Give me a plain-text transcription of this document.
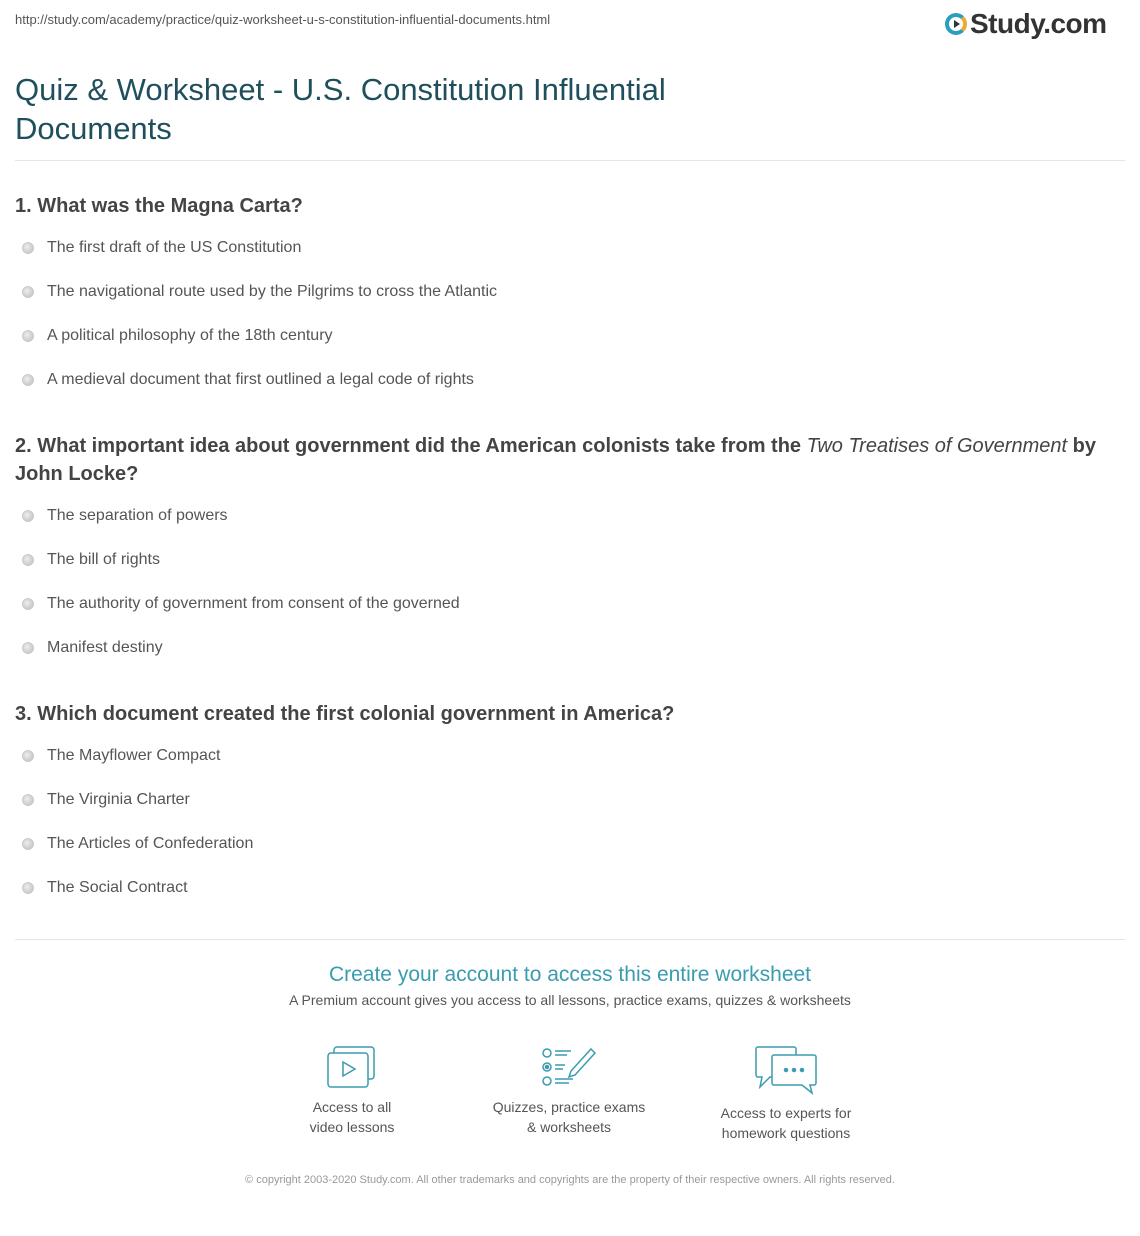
http://study.com/academy/practice/quiz-worksheet-u-s-constitution-influential-documents.html	Study.com
Quiz & Worksheet - U.S. Constitution Influential Documents
1. What was the Magna Carta?
The first draft of the US Constitution
The navigational route used by the Pilgrims to cross the Atlantic
A political philosophy of the 18th century
A medieval document that first outlined a legal code of rights
2. What important idea about government did the American colonists take from the Two Treatises of Government by John Locke?
The separation of powers
The bill of rights
The authority of government from consent of the governed
Manifest destiny
3. Which document created the first colonial government in America?
The Mayflower Compact
The Virginia Charter
The Articles of Confederation
The Social Contract
Create your account to access this entire worksheet
A Premium account gives you access to all lessons, practice exams, quizzes & worksheets
Access to all
video lessons
Quizzes, practice exams
& worksheets
Access to experts for
homework questions
© copyright 2003-2020 Study.com. All other trademarks and copyrights are the property of their respective owners. All rights reserved.
